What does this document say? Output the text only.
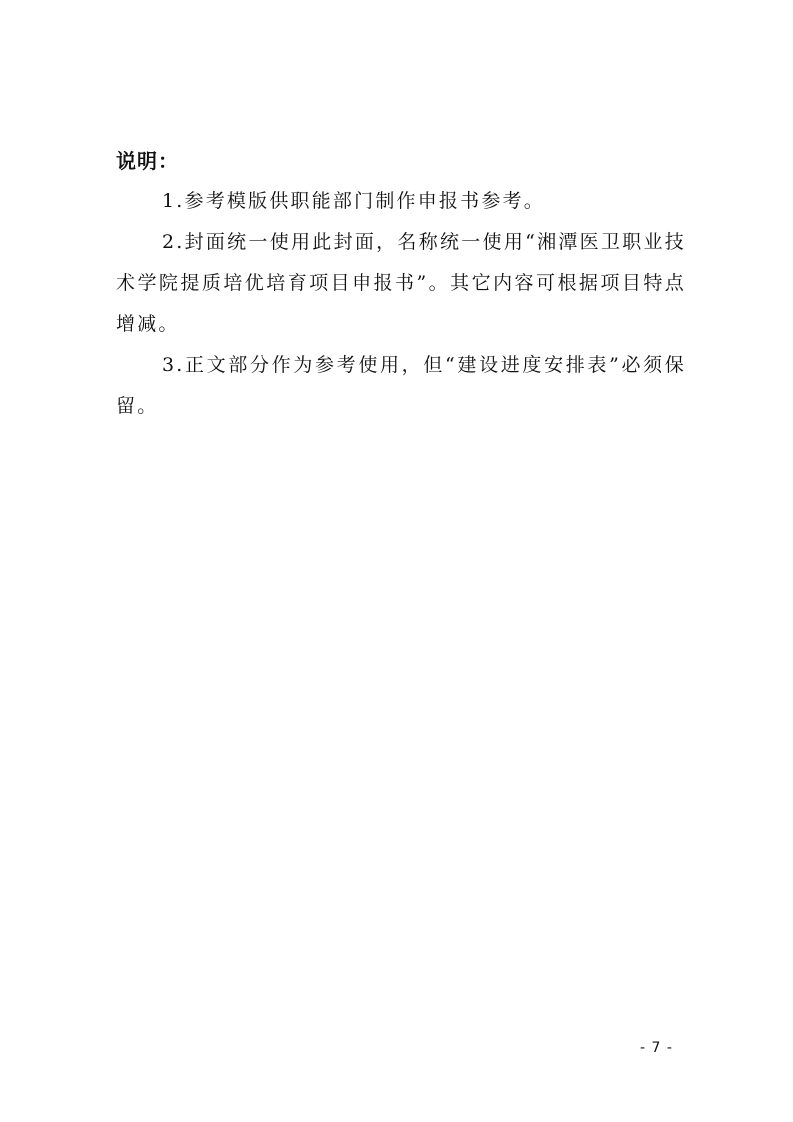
说明：

1.参考模版供职能部门制作申报书参考。

2.封面统一使用此封面，名称统一使用“湘潭医卫职业技术学院提质培优培育项目申报书”。其它内容可根据项目特点增减。

3.正文部分作为参考使用，但“建设进度安排表”必须保留。

- 7 -
